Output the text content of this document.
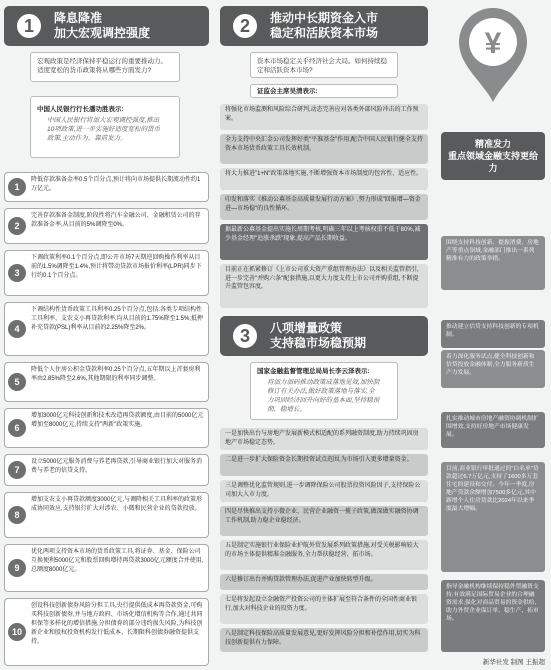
1	降息降准
加大宏观调控强度
宏观政策是经济保持平稳运行的重要推动力。适度宽松的货币政策将从哪些方面发力?
中国人民银行行长潘功胜表示:
中国人民银行将加大宏观调控强度,推出10项政策,进一步实施好适度宽松的货币政策,主动作为、靠前发力。
1
降低存款准备金率0.5个百分点,预计将向市场提供长期流动性约1万亿元。
2
完善存款准备金制度,阶段性将汽车金融公司、金融租赁公司的存款准备金率,从目前的5%调降至0%。
3
下调政策利率0.1个百分点,即公开市场7天期逆回购操作利率从目前的1.5%调降至1.4%,预计将带动贷款市场报价利率(LPR)同步下行约0.1个百分点。
4
下调结构性货币政策工具利率0.25个百分点,包括:各类专项结构性工具利率、支农支小再贷款利率,均从目前的1.75%降至1.5%;抵押补充贷款(PSL)利率从目前的2.25%降至2%。
5
降低个人住房公积金贷款利率0.25个百分点,五年期以上首套房利率由2.85%降至2.6%,其他期限的利率同步调整。
6
增加3000亿元科技创新和技术改造再贷款额度,由目前的5000亿元增加至8000亿元,持续支持"两新"政策实施。
7
设立5000亿元服务消费与养老再贷款,引导商业银行加大对服务消费与养老的信贷支持。
8
增加支农支小再贷款额度3000亿元,与调降相关工具利率的政策形成协同效应,支持银行扩大对涉农、小微和民营企业的贷款投放。
9
优化两项支持资本市场的货币政策工具,将证券、基金、保险公司互换便利5000亿元和股票回购增持再贷款3000亿元额度合并使用,总额度8000亿元。
10
创设科技创新债券风险分担工具,央行提供低成本再贷款资金,可购买科技创新债券,并与地方政府、市场化增信机构等合作,通过共同担保等多样化的增信措施,分担债券的部分违约损失风险,为科技创新企业和股权投资机构发行低成本、长期限科创债券融资提供支持。
2	推动中长期资金入市
稳定和活跃资本市场
资本市场稳定关乎经济社会大局。如何持续稳定和活跃资本市场?
证监会主席吴清表示:
将强化市场监测和风险综合研判,动态完善应对各类外部风险冲击的工作预案。
全力支持中央汇金公司发挥好类"平准基金"作用,配合中国人民银行健全支持资本市场货币政策工具长效机制。
将大力推进"1+N"政策落地实施,不断增强资本市场制度的包容性、适应性。
印发和落实《推动公募基金高质量发展行动方案》,努力形成"回报增—资金进—市场稳"的良性循环。
据最新公募基金提出实施长周期考核,明确三年以上考核权重不低于80%,减少基金经理"追涨杀跌"现象,提高产品长期收益。
目前正在抓紧修订《上市公司重大资产重组管理办法》以及相关监管指引,进一步完善"并购六条"配套措施,以更大力度支持上市公司并购重组,不断提升监管包容度。
3	八项增量政策
支持稳市场稳预期
国家金融监督管理总局局长李云泽表示:
将加力加码推动政策成落地见效,加快制修订有关办法,做好政策落地与落实,全力巩固经济回升向好的基本面,坚持稳预期、稳增长。
一是加快出台与房地产发展新模式相适配的系列融资制度,助力持续巩固房地产市场稳定态势。
二是进一步扩大保险资金长期投资试点范围,为市场引入更多增量资金。
三是调整优化监管规则,进一步调降保险公司股票投资风险因子,支持保险公司加大入市力度。
四是尽快推出支持小微企业、民营企业融资一揽子政策,做深做实融资协调工作机制,助力稳企业稳经济。
五是制定实施银行业保险业护航外贸发展系列政策措施,对受关税影响较大的市场主体提供精准金融服务,全力帮扶稳经营、拓市场。
六是修订出台并购贷款管理办法,促进产业加快转型升级。
七是将发起设立金融资产投资公司的主体扩展至符合条件的全国性商业银行,加大对科技企业的投资力度。
八是制定科技保险高质量发展意见,更好发挥风险分担和补偿作用,切实为科技创新提供有力保障。
¥
精准发力
重点领域金融支持更给力
围绕支持科技创新、提振消费、房地产等重点领域,金融部门推出一系列精准有力的政策举措。
推动建立信贷支持科技创新的专项机制。
着力深化服务试点,健全科技创新和信贷投放金融体制,全力服务新质生产力发展。
扎实推动城市房地产融资协调机制扩围增效,支持好房地产市场健康发展。
目前,商业银行审批通过的"白名单"贷款超过6.7万亿元,支持了1600多万套住宅的建设和交付。今年一季度,房地产贷款余额增加7500多亿元,其中新增个人住房贷款比2024年以来季度最大增幅。
指导金融机构继续保持稳外贸融资支持,有效满足国际贸易企业的合理融资需求,强化对商品贸易的资金供给,助力外贸企业保订单、稳生产、拓市场。
新华社发 制图 王振超
